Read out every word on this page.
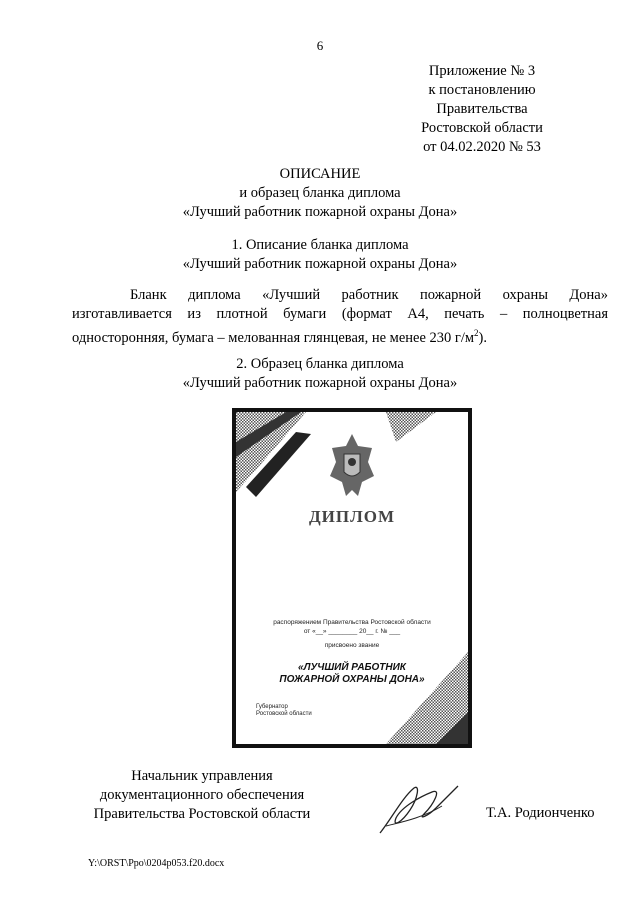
6
Приложение № 3
к постановлению
Правительства
Ростовской области
от 04.02.2020 № 53
ОПИСАНИЕ
и образец бланка диплома
«Лучший работник пожарной охраны Дона»
1. Описание бланка диплома
«Лучший работник пожарной охраны Дона»
Бланк диплома «Лучший работник пожарной охраны Дона»
изготавливается из плотной бумаги (формат А4, печать – полноцветная
односторонняя, бумага – мелованная глянцевая, не менее 230 $г/м^2$).
2. Образец бланка диплома
«Лучший работник пожарной охраны Дона»
ДИПЛОМ
распоряжением Правительства Ростовской области
от «__» ________ 20__ г. № ___
присвоено звание
«ЛУЧШИЙ РАБОТНИК
ПОЖАРНОЙ ОХРАНЫ ДОНА»
Губернатор
Ростовской области
Начальник управления
документационного обеспечения
Правительства Ростовской области	Т.А. Родионченко
Y:\ORST\Ppo\0204p053.f20.docx
